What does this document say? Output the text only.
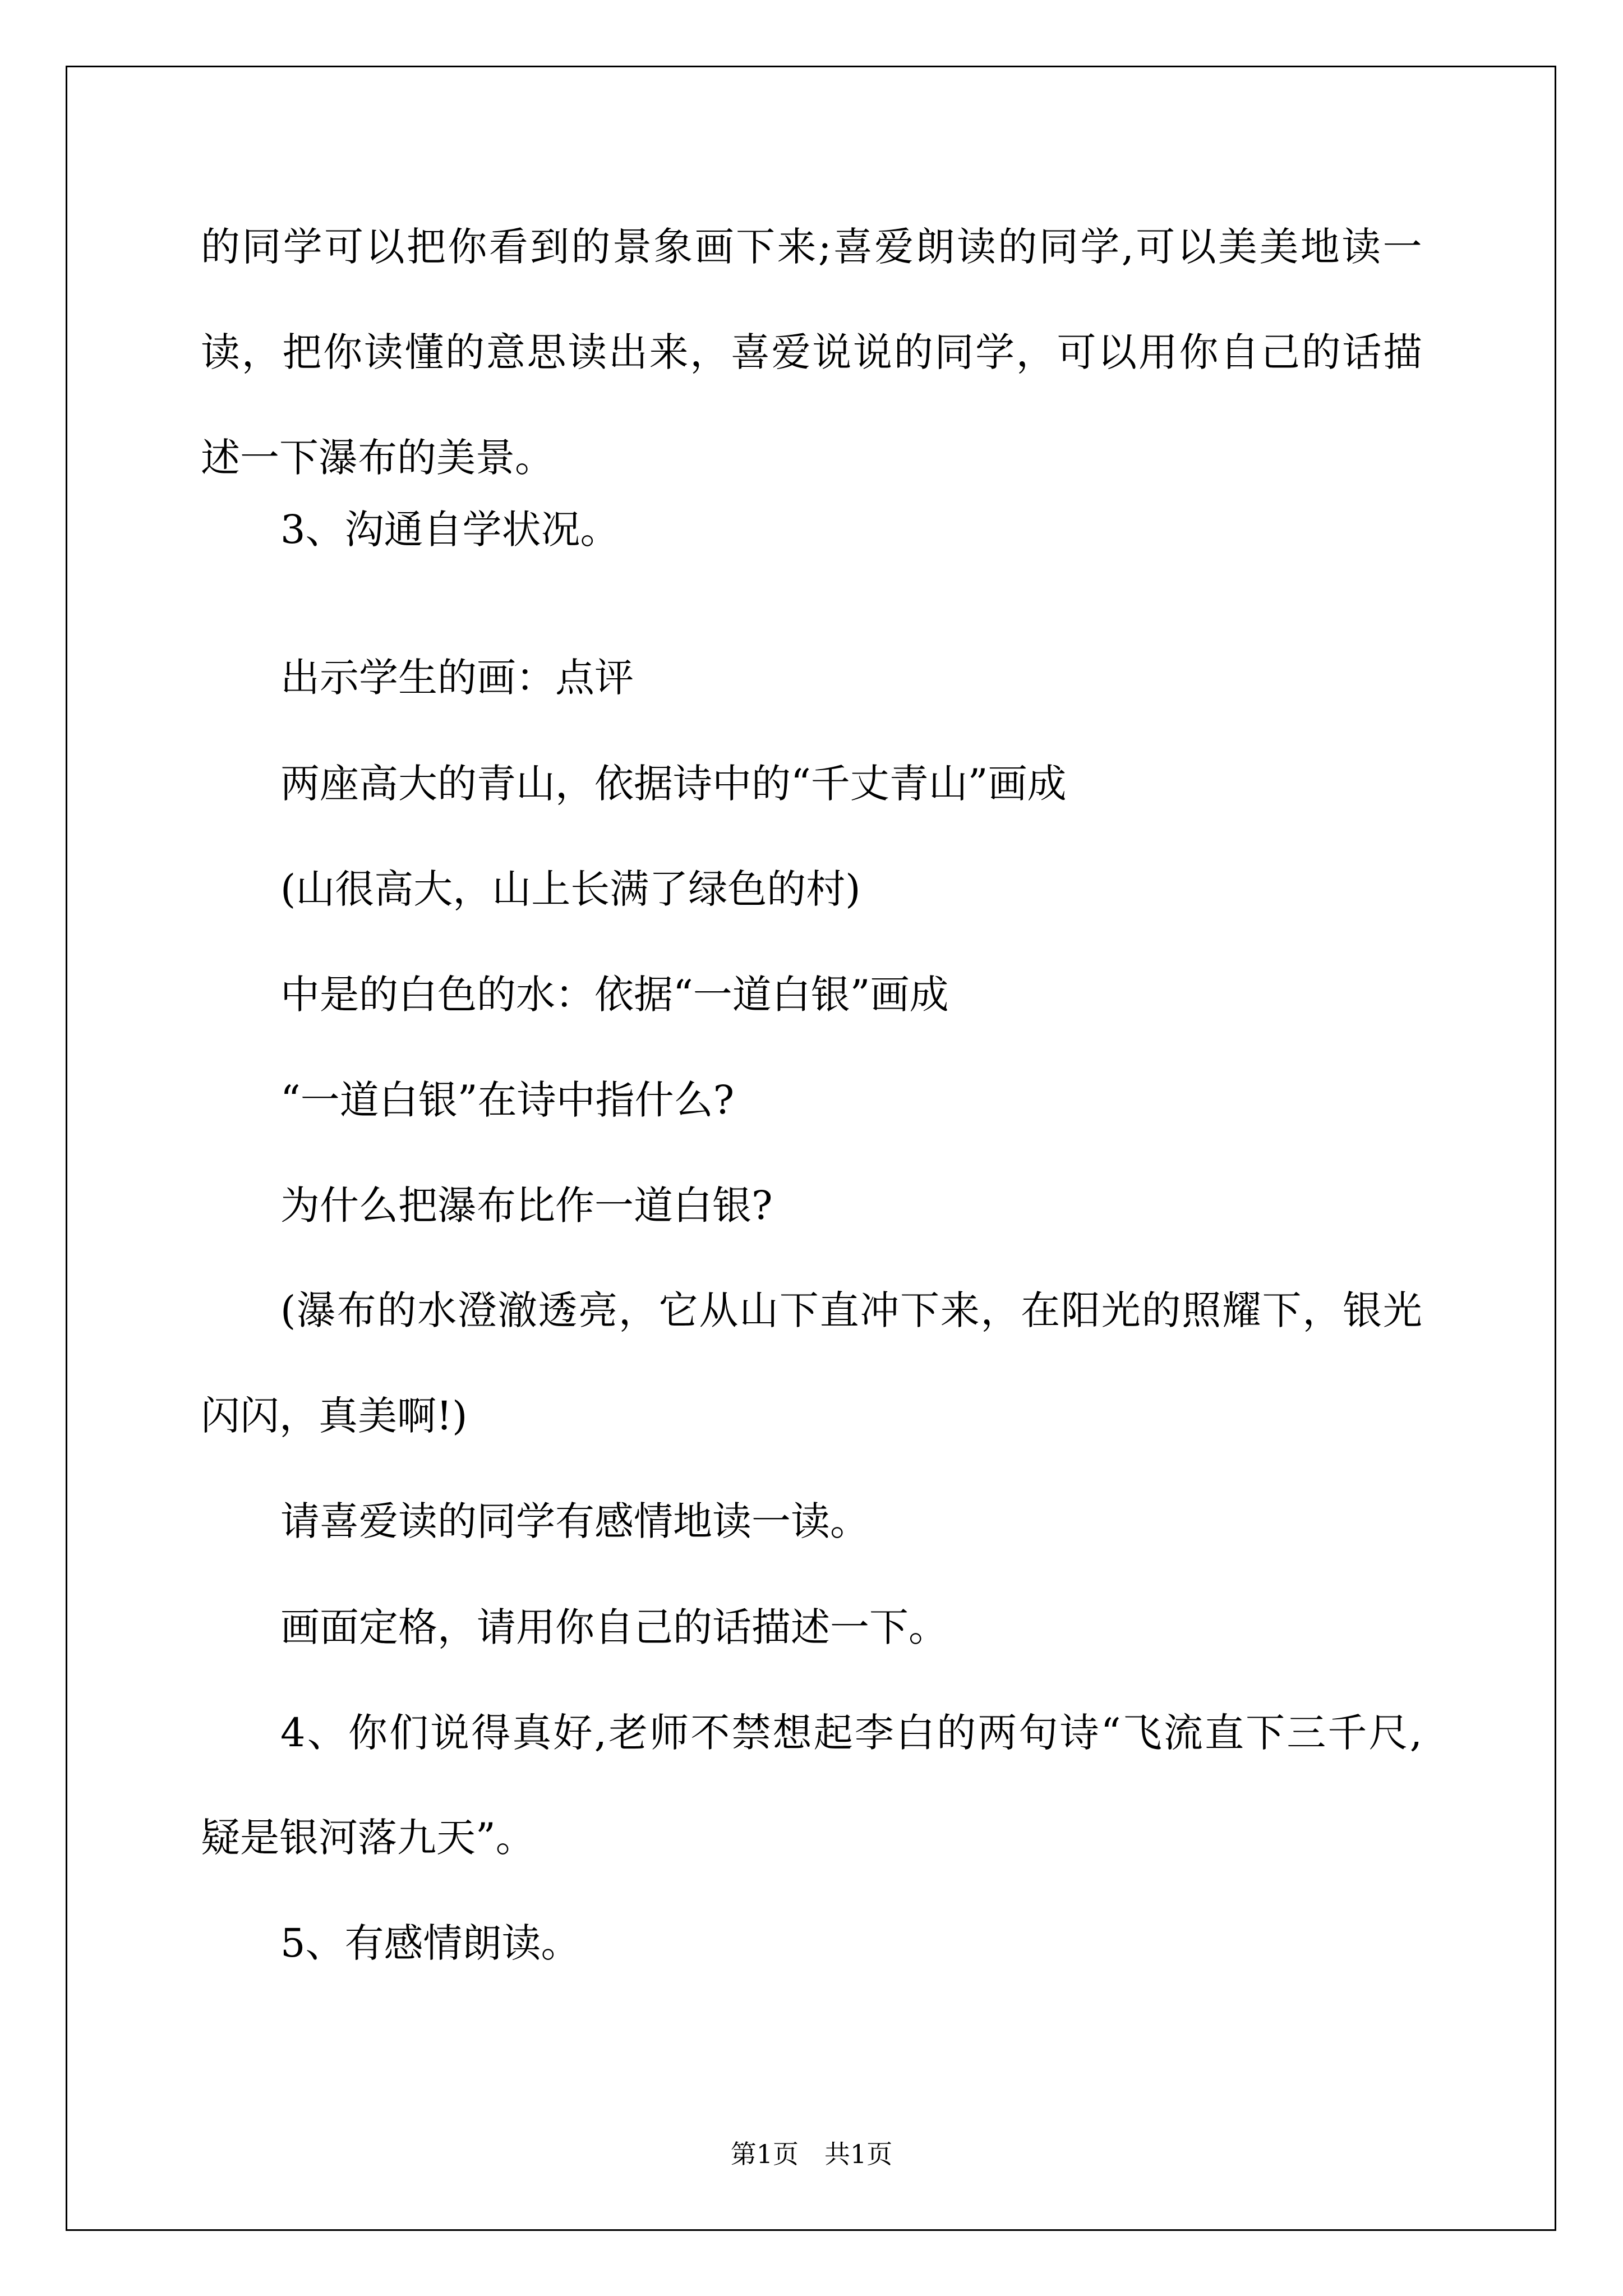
的 同 学 可 以 把 你 看 到 的 景 象 画 下 来 ; 喜 爱 朗 读 的 同 学 , 可 以 美 美 地 读 一
读 ， 把 你 读 懂 的 意 思 读 出 来 ， 喜 爱 说 说 的 同 学 ， 可 以 用 你 自 己 的 话 描
述一下瀑布的美景。
3、沟通自学状况。
出示学生的画：点评
两座高大的青山，依据诗中的“千丈青山”画成
(山很高大，山上长满了绿色的村)
中是的白色的水：依据“一道白银”画成
“一道白银”在诗中指什么?
为什么把瀑布比作一道白银?
( 瀑 布 的 水 澄 澈 透 亮 ， 它 从 山 下 直 冲 下 来 ， 在 阳 光 的 照 耀 下 ， 银 光
闪闪，真美啊!)
请喜爱读的同学有感情地读一读。
画面定格，请用你自己的话描述一下。
4 、 你 们 说 得 真 好 , 老 师 不 禁 想 起 李 白 的 两 句 诗 “ 飞 流 直 下 三 千 尺 ,
疑是银河落九天”。
5、有感情朗读。
第1页　共1页
